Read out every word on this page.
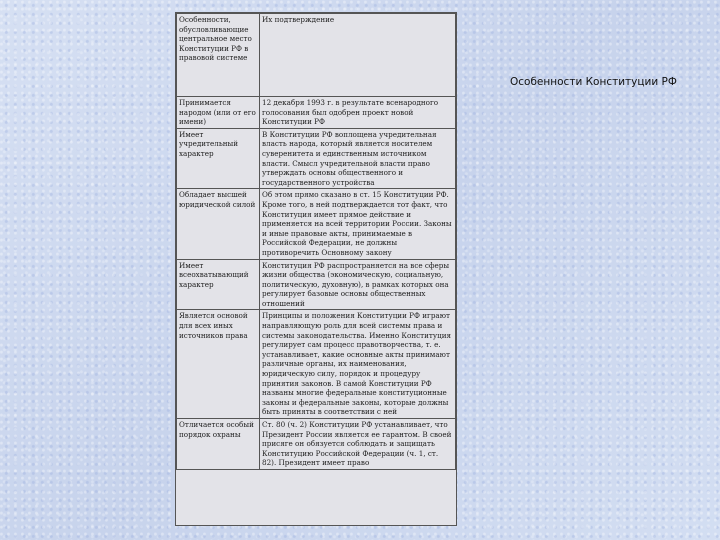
Особенности Конституции РФ
Особенности, обусловливающие центральное место Конституции РФ в правовой системе	Их подтверждение
Принимается народом (или от его имени)	12 декабря 1993 г. в результате всенародного голосования был одобрен проект новой Конституции РФ
Имеет учредительный характер	В Конституции РФ воплощена учредительная власть народа, который является носителем суверенитета и единственным источником власти. Смысл учредительной власти право утверждать основы общественного и государственного устройства
Обладает высшей юридической силой	Об этом прямо сказано в ст. 15 Конституции РФ. Кроме того, в ней подтверждается тот факт, что Конституция имеет прямое действие и применяется на всей территории России. Законы и иные правовые акты, принимаемые в Российской Федерации, не должны противоречить Основному закону
Имеет всеохватывающий характер	Конституция РФ распространяется на все сферы жизни общества (экономическую, социальную, политическую, духовную), в рамках которых она регулирует базовые основы общественных отношений
Является основой для всех иных источников права	Принципы и положения Конституции РФ играют направляющую роль для всей системы права и системы законодательства. Именно Конституция регулирует сам процесс правотворчества, т. е. устанавливает, какие основные акты принимают различные органы, их наименования, юридическую силу, порядок и процедуру принятия законов. В самой Конституции РФ названы многие федеральные конституционные законы и федеральные законы, которые должны быть приняты в соответствии с ней
Отличается особый порядок охраны	Ст. 80 (ч. 2) Конституции РФ устанавливает, что Президент России является ее гарантом. В своей присяге он обязуется соблюдать и защищать Конституцию Российской Федерации (ч. 1, ст. 82). Президент имеет право
